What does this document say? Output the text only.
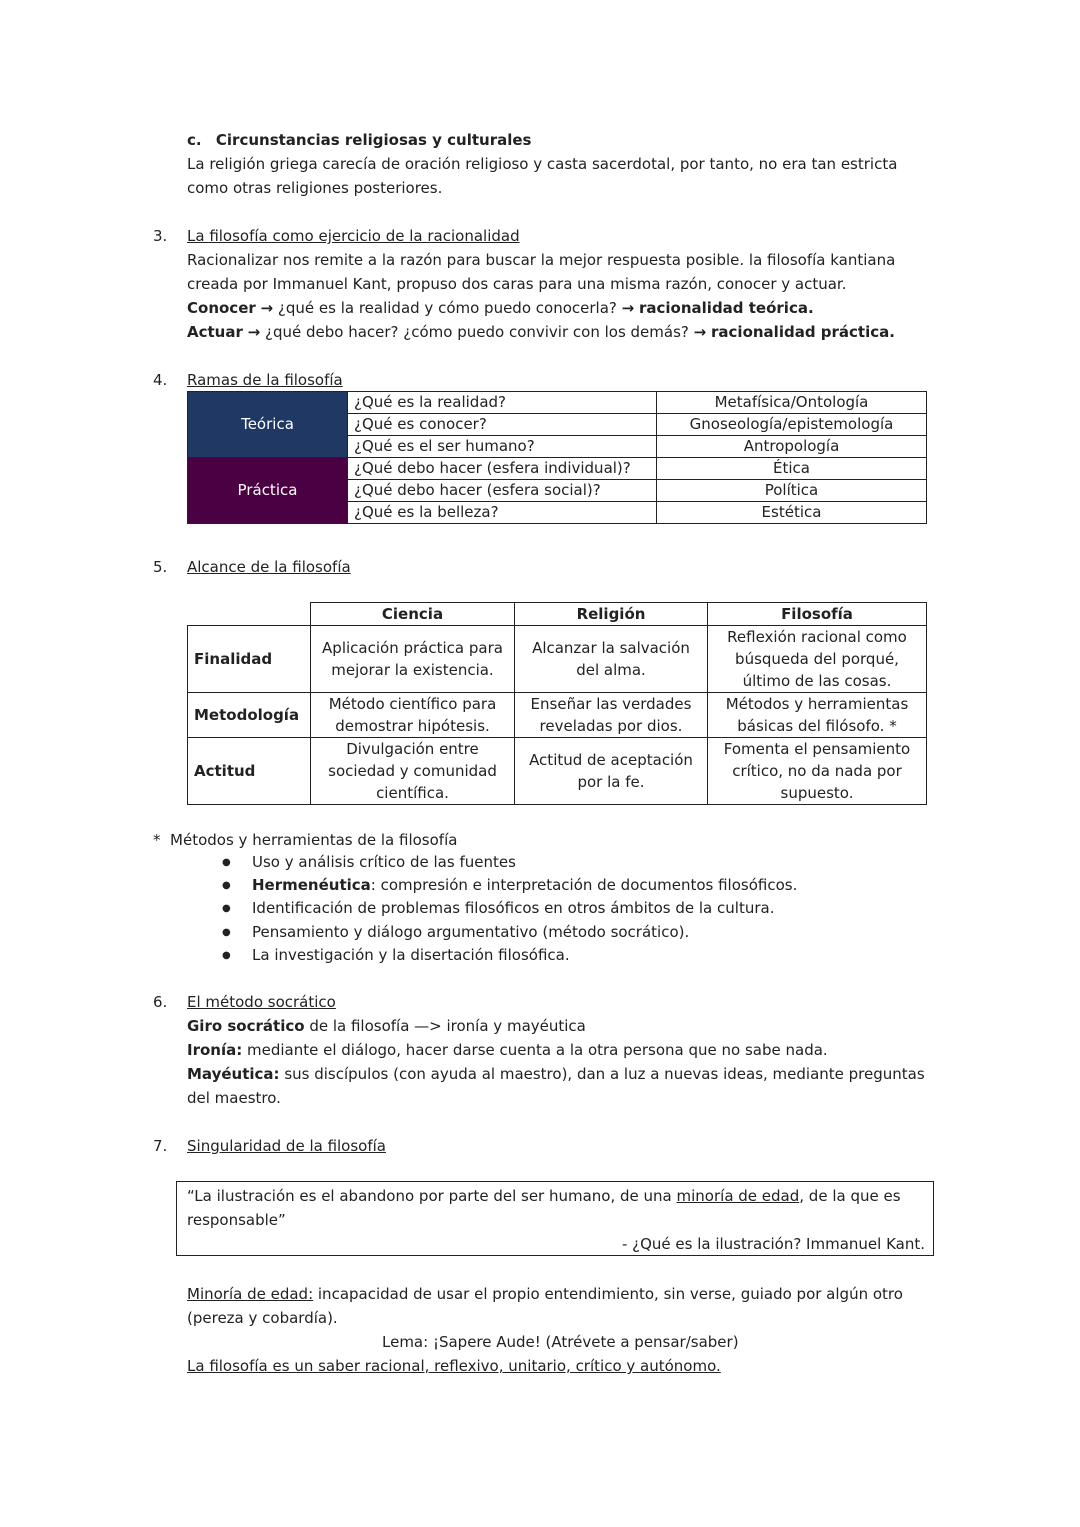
c. Circunstancias religiosas y culturales
La religión griega carecía de oración religioso y casta sacerdotal, por tanto, no era tan estricta como otras religiones posteriores.
3. La filosofía como ejercicio de la racionalidad
Racionalizar nos remite a la razón para buscar la mejor respuesta posible. la filosofía kantiana creada por Immanuel Kant, propuso dos caras para una misma razón, conocer y actuar.
Conocer → ¿qué es la realidad y cómo puedo conocerla? → racionalidad teórica.
Actuar → ¿qué debo hacer? ¿cómo puedo convivir con los demás? → racionalidad práctica.
4. Ramas de la filosofía
Teórica	¿Qué es la realidad?	Metafísica/Ontología
	¿Qué es conocer?	Gnoseología/epistemología
	¿Qué es el ser humano?	Antropología
Práctica	¿Qué debo hacer (esfera individual)?	Ética
	¿Qué debo hacer (esfera social)?	Política
	¿Qué es la belleza?	Estética
5. Alcance de la filosofía
	Ciencia	Religión	Filosofía
Finalidad	Aplicación práctica para mejorar la existencia.	Alcanzar la salvación del alma.	Reflexión racional como búsqueda del porqué, último de las cosas.
Metodología	Método científico para demostrar hipótesis.	Enseñar las verdades reveladas por dios.	Métodos y herramientas básicas del filósofo. *
Actitud	Divulgación entre sociedad y comunidad científica.	Actitud de aceptación por la fe.	Fomenta el pensamiento crítico, no da nada por supuesto.
* Métodos y herramientas de la filosofía
● Uso y análisis crítico de las fuentes
● Hermenéutica: compresión e interpretación de documentos filosóficos.
● Identificación de problemas filosóficos en otros ámbitos de la cultura.
● Pensamiento y diálogo argumentativo (método socrático).
● La investigación y la disertación filosófica.
6. El método socrático
Giro socrático de la filosofía —> ironía y mayéutica
Ironía: mediante el diálogo, hacer darse cuenta a la otra persona que no sabe nada.
Mayéutica: sus discípulos (con ayuda al maestro), dan a luz a nuevas ideas, mediante preguntas del maestro.
7. Singularidad de la filosofía
“La ilustración es el abandono por parte del ser humano, de una minoría de edad, de la que es responsable”
- ¿Qué es la ilustración? Immanuel Kant.
Minoría de edad: incapacidad de usar el propio entendimiento, sin verse, guiado por algún otro (pereza y cobardía).
Lema: ¡Sapere Aude! (Atrévete a pensar/saber)
La filosofía es un saber racional, reflexivo, unitario, crítico y autónomo.
